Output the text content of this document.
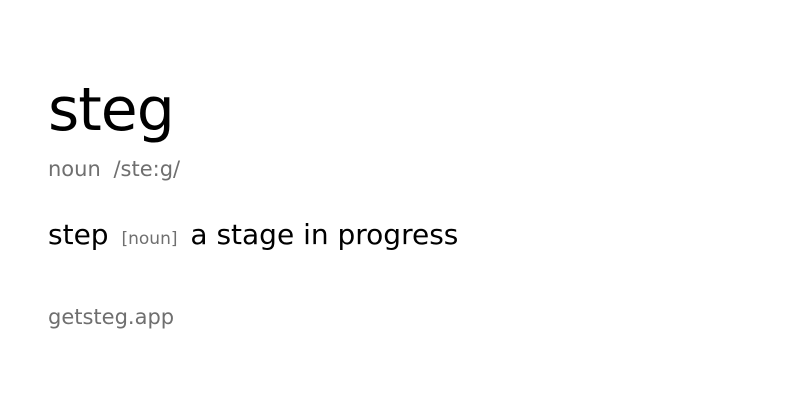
steg
noun /ste:g/
step [noun] a stage in progress
getsteg.app
